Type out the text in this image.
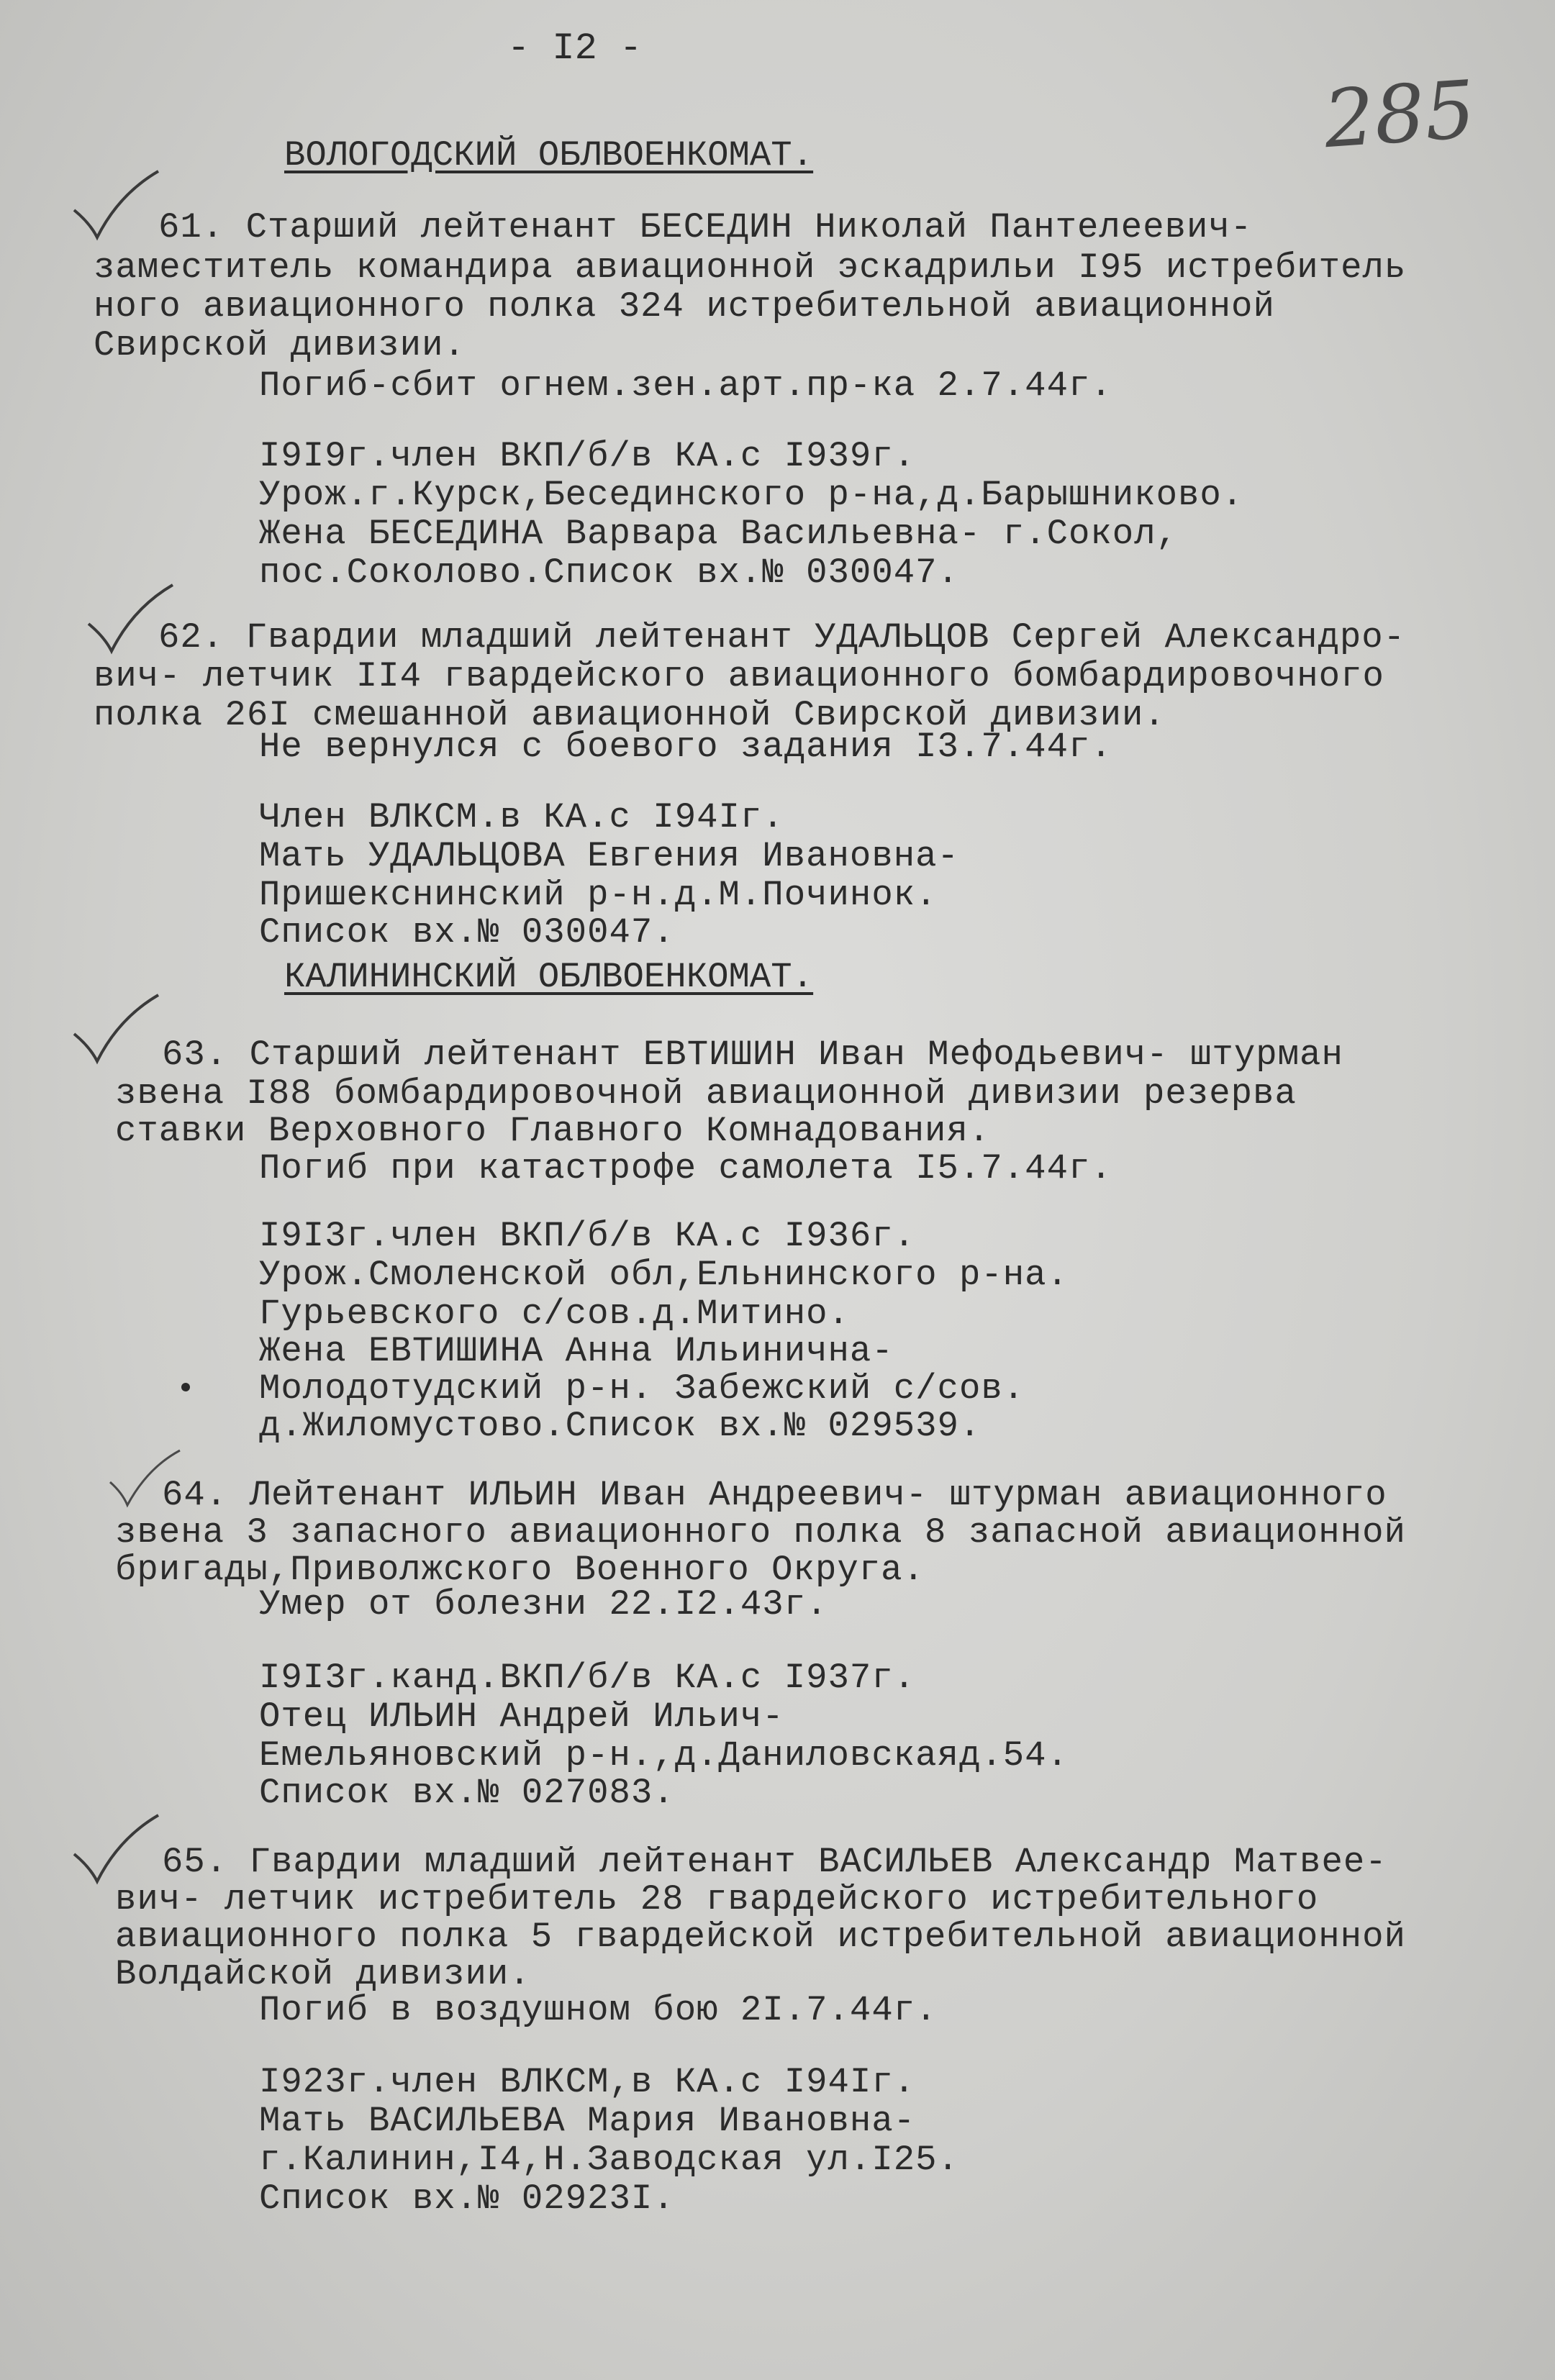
- I2 -
285
ВОЛОГОДСКИЙ ОБЛВОЕНКОМАТ.
61. Старший лейтенант БЕСЕДИН Николай Пантелеевич-
заместитель командира авиационной эскадрильи I95 истребитель
ного авиационного полка 324 истребительной авиационной
Свирской дивизии.
Погиб-сбит огнем.зен.арт.пр-ка 2.7.44г.
I9I9г.член ВКП/б/в КА.с I939г.
Урож.г.Курск,Бесединского р-на,д.Барышниково.
Жена БЕСЕДИНА Варвара Васильевна- г.Сокол,
пос.Соколово.Список вх.№ 030047.
62. Гвардии младший лейтенант УДАЛЬЦОВ Сергей Александро-
вич- летчик II4 гвардейского авиационного бомбардировочного
полка 26I смешанной авиационной Свирской дивизии.
Не вернулся с боевого задания I3.7.44г.
Член ВЛКСМ.в КА.с I94Iг.
Мать УДАЛЬЦОВА Евгения Ивановна-
Пришекснинский р-н.д.М.Починок.
Список вх.№ 030047.
КАЛИНИНСКИЙ ОБЛВОЕНКОМАТ.
63. Старший лейтенант ЕВТИШИН Иван Мефодьевич- штурман
звена I88 бомбардировочной авиационной дивизии резерва
ставки Верховного Главного Комнадования.
Погиб при катастрофе самолета I5.7.44г.
I9I3г.член ВКП/б/в КА.с I936г.
Урож.Смоленской обл,Ельнинского р-на.
Гурьевского с/сов.д.Митино.
Жена ЕВТИШИНА Анна Ильинична-
Молодотудский р-н. Забежский с/сов.
д.Жиломустово.Список вх.№ 029539.
64. Лейтенант ИЛЬИН Иван Андреевич- штурман авиационного
звена 3 запасного авиационного полка 8 запасной авиационной
бригады,Приволжского Военного Округа.
Умер от болезни 22.I2.43г.
I9I3г.канд.ВКП/б/в КА.с I937г.
Отец ИЛЬИН Андрей Ильич-
Емельяновский р-н.,д.Даниловскаяд.54.
Список вх.№ 027083.
65. Гвардии младший лейтенант ВАСИЛЬЕВ Александр Матвее-
вич- летчик истребитель 28 гвардейского истребительного
авиационного полка 5 гвардейской истребительной авиационной
Волдайской дивизии.
Погиб в воздушном бою 2I.7.44г.
I923г.член ВЛКСМ,в КА.с I94Iг.
Мать ВАСИЛЬЕВА Мария Ивановна-
г.Калинин,I4,Н.Заводская ул.I25.
Список вх.№ 02923I.
